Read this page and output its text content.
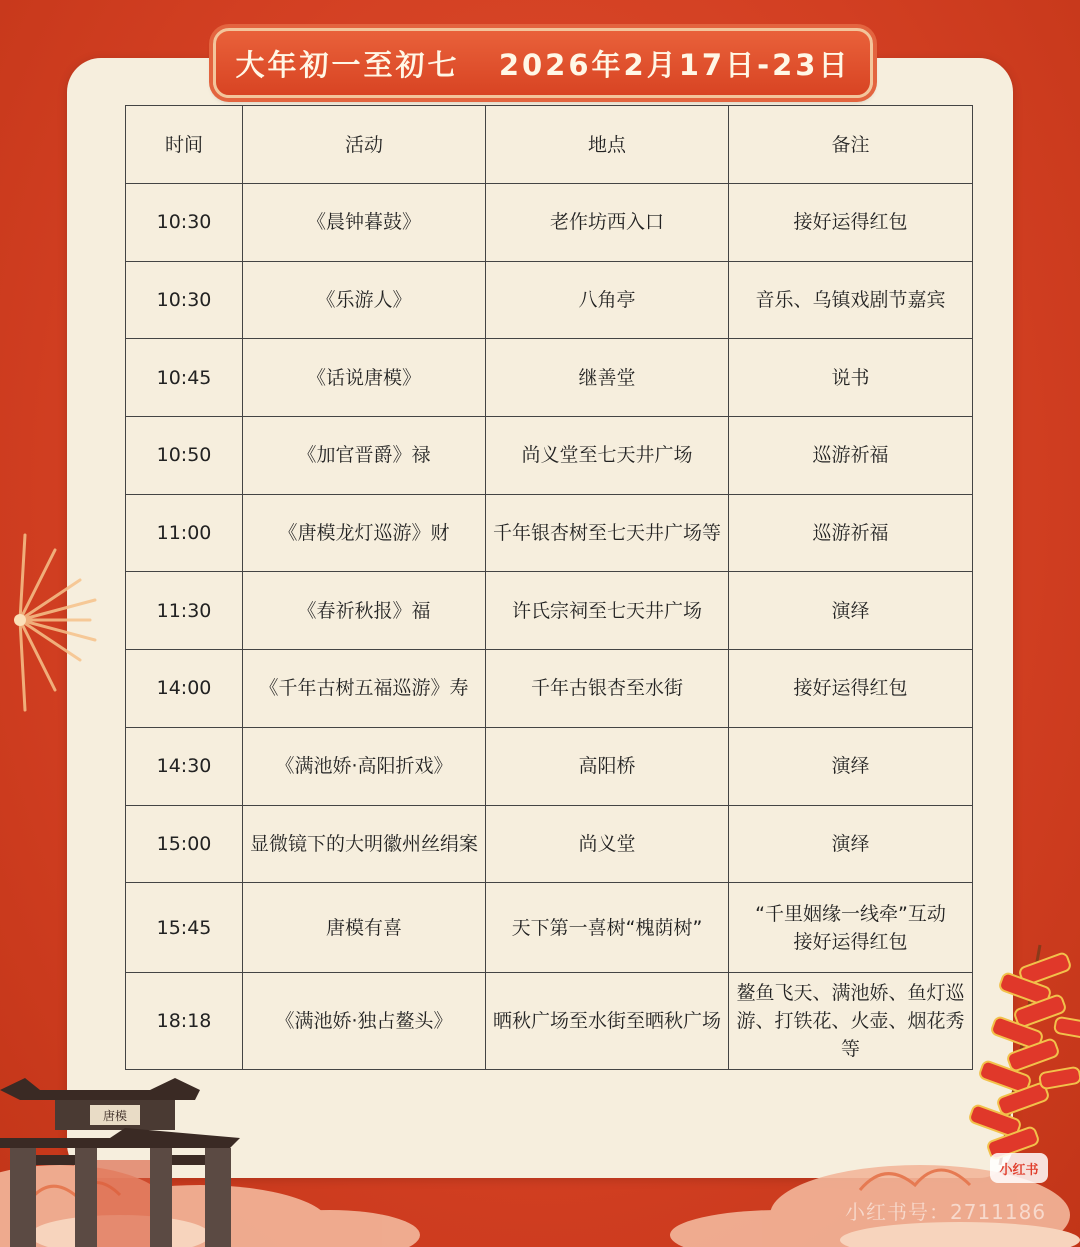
大年初一至初七   2026年2月17日-23日
时间	活动	地点	备注
10:30	《晨钟暮鼓》	老作坊西入口	接好运得红包
10:30	《乐游人》	八角亭	音乐、乌镇戏剧节嘉宾
10:45	《话说唐模》	继善堂	说书
10:50	《加官晋爵》禄	尚义堂至七天井广场	巡游祈福
11:00	《唐模龙灯巡游》财	千年银杏树至七天井广场等	巡游祈福
11:30	《春祈秋报》福	许氏宗祠至七天井广场	演绎
14:00	《千年古树五福巡游》寿	千年古银杏至水街	接好运得红包
14:30	《满池娇·高阳折戏》	高阳桥	演绎
15:00	显微镜下的大明徽州丝绢案	尚义堂	演绎
15:45	唐模有喜	天下第一喜树“槐荫树”	“千里姻缘一线牵”互动
接好运得红包
18:18	《满池娇·独占鳌头》	晒秋广场至水街至晒秋广场	鳌鱼飞天、满池娇、鱼灯巡游、打铁花、火壶、烟花秀等
唐模
小红书
小红书号：2711186
